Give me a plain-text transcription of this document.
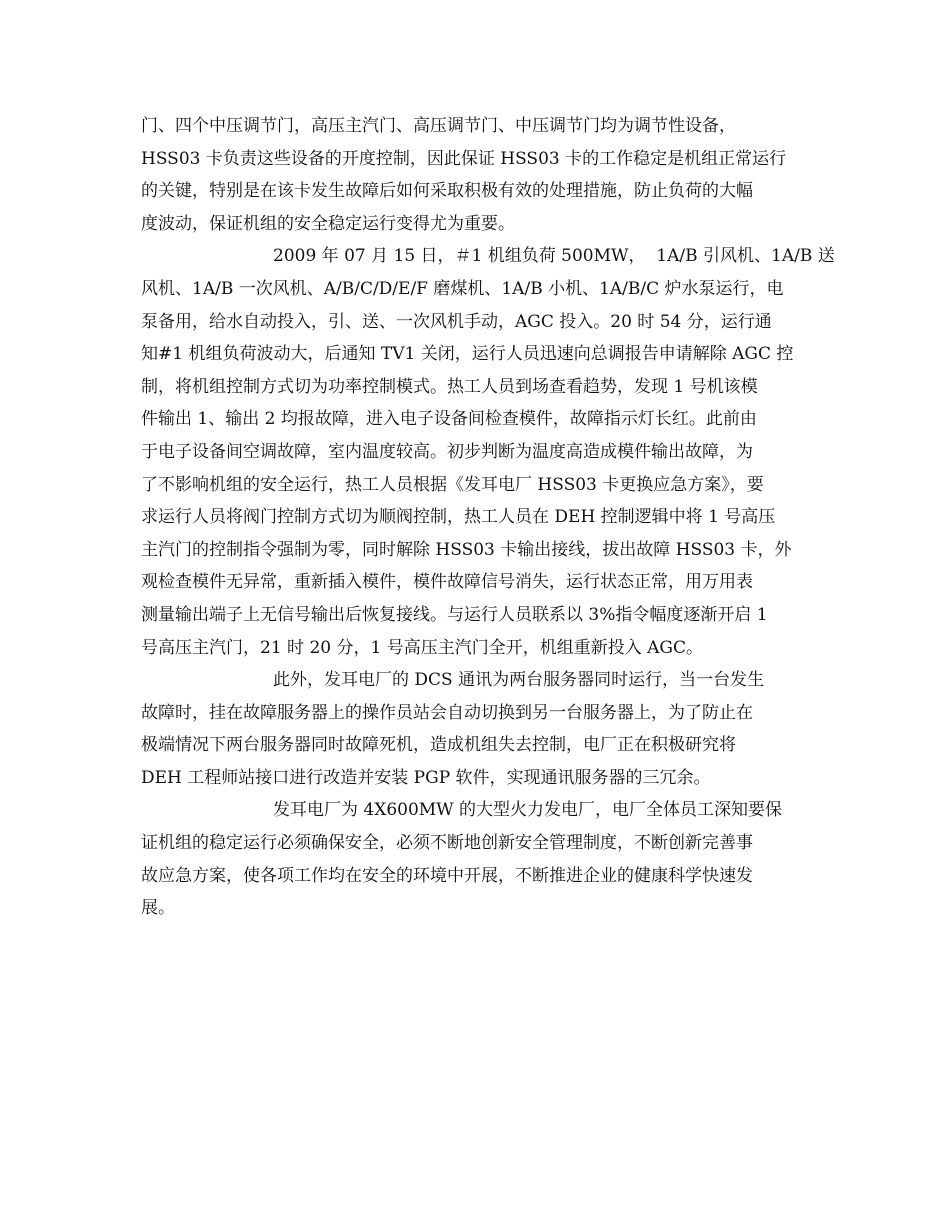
门、四个中压调节门，高压主汽门、高压调节门、中压调节门均为调节性设备，
HSS03 卡负责这些设备的开度控制，因此保证 HSS03 卡的工作稳定是机组正常运行
的关键，特别是在该卡发生故障后如何采取积极有效的处理措施，防止负荷的大幅
度波动，保证机组的安全稳定运行变得尤为重要。
2009 年 07 月 15 日，＃1 机组负荷 500MW，  1A/B 引风机、1A/B 送
风机、1A/B 一次风机、A/B/C/D/E/F 磨煤机、1A/B 小机、1A/B/C 炉水泵运行，电
泵备用，给水自动投入，引、送、一次风机手动，AGC 投入。20 时 54 分，运行通
知#1 机组负荷波动大，后通知 TV1 关闭，运行人员迅速向总调报告申请解除 AGC 控
制，将机组控制方式切为功率控制模式。热工人员到场查看趋势，发现 1 号机该模
件输出 1、输出 2 均报故障，进入电子设备间检查模件，故障指示灯长红。此前由
于电子设备间空调故障，室内温度较高。初步判断为温度高造成模件输出故障，为
了不影响机组的安全运行，热工人员根据《发耳电厂 HSS03 卡更换应急方案》，要
求运行人员将阀门控制方式切为顺阀控制，热工人员在 DEH 控制逻辑中将 1 号高压
主汽门的控制指令强制为零，同时解除 HSS03 卡输出接线，拔出故障 HSS03 卡，外
观检查模件无异常，重新插入模件，模件故障信号消失，运行状态正常，用万用表
测量输出端子上无信号输出后恢复接线。与运行人员联系以 3%指令幅度逐渐开启 1
号高压主汽门，21 时 20 分，1 号高压主汽门全开，机组重新投入 AGC。
此外，发耳电厂的 DCS 通讯为两台服务器同时运行，当一台发生
故障时，挂在故障服务器上的操作员站会自动切换到另一台服务器上，为了防止在
极端情况下两台服务器同时故障死机，造成机组失去控制，电厂正在积极研究将
DEH 工程师站接口进行改造并安装 PGP 软件，实现通讯服务器的三冗余。
发耳电厂为 4X600MW 的大型火力发电厂，电厂全体员工深知要保
证机组的稳定运行必须确保安全，必须不断地创新安全管理制度，不断创新完善事
故应急方案，使各项工作均在安全的环境中开展，不断推进企业的健康科学快速发
展。
